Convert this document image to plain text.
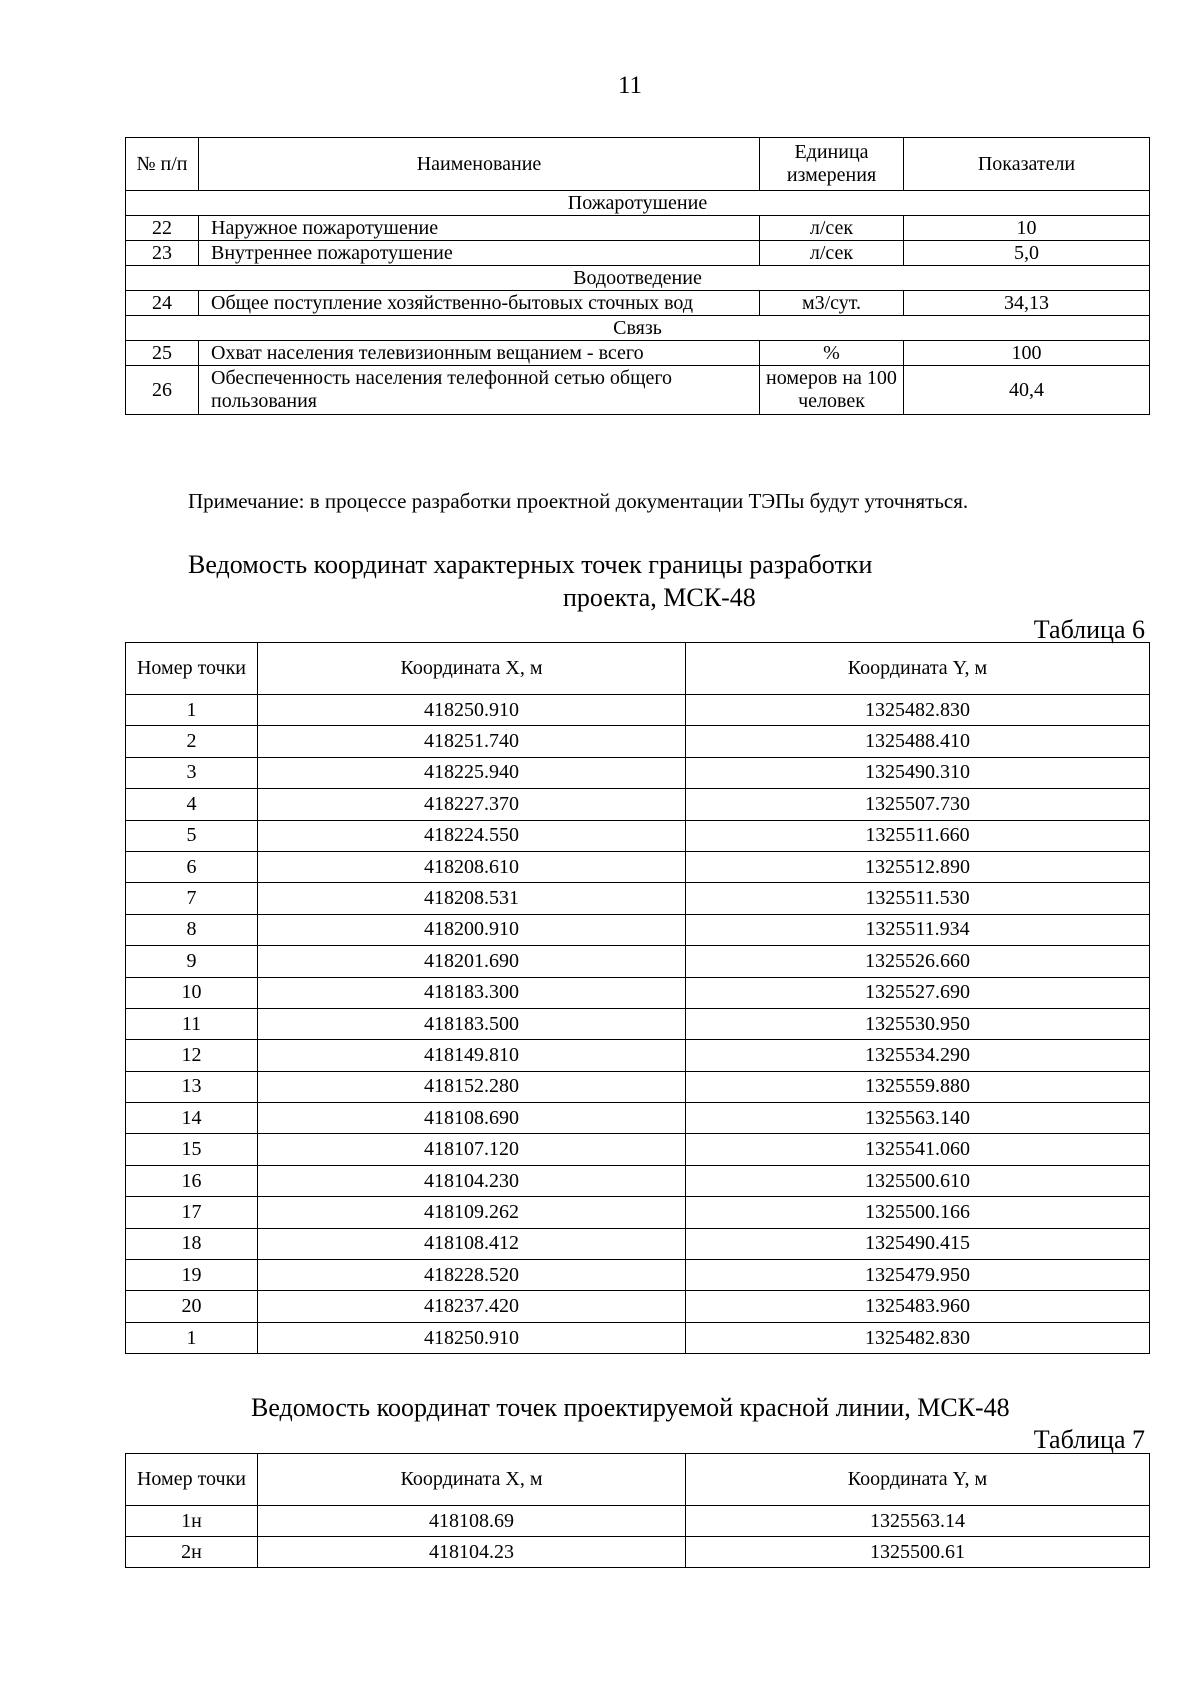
11
№ п/п	Наименование	Единица измерения	Показатели
Пожаротушение			
22	Наружное пожаротушение	л/сек	10
23	Внутреннее пожаротушение	л/сек	5,0
Водоотведение			
24	Общее поступление хозяйственно-бытовых сточных вод	м3/сут.	34,13
Связь			
25	Охват населения телевизионным вещанием - всего	%	100
26	Обеспеченность населения телефонной сетью общего пользования	номеров на 100 человек	40,4
Примечание: в процессе разработки проектной документации ТЭПы будут уточняться.
Ведомость координат характерных точек границы разработки
проекта, МСК-48
Таблица 6
Номер точки	Координата X, м	Координата Y, м
1	418250.910	1325482.830
2	418251.740	1325488.410
3	418225.940	1325490.310
4	418227.370	1325507.730
5	418224.550	1325511.660
6	418208.610	1325512.890
7	418208.531	1325511.530
8	418200.910	1325511.934
9	418201.690	1325526.660
10	418183.300	1325527.690
11	418183.500	1325530.950
12	418149.810	1325534.290
13	418152.280	1325559.880
14	418108.690	1325563.140
15	418107.120	1325541.060
16	418104.230	1325500.610
17	418109.262	1325500.166
18	418108.412	1325490.415
19	418228.520	1325479.950
20	418237.420	1325483.960
1	418250.910	1325482.830
Ведомость координат точек проектируемой красной линии, МСК-48
Таблица 7
Номер точки	Координата X, м	Координата Y, м
1н	418108.69	1325563.14
2н	418104.23	1325500.61
